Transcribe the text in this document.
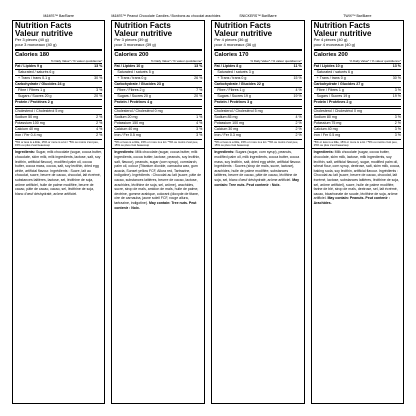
M&M'S™ Bar/Barre
Nutrition Facts
Valeur nutritive
Per 3 pieces (40 g)
pour 3 morceaux (40 g)
Calories 180
% Daily Value* / % valeur quotidienne*
Fat / Lipides 9 g	13 %
Saturated / saturés 6 g
+ Trans / trans 0.1 g	30 %
Carbohydrate / Glucides 24 g
Fibre / Fibres 1 g	3 %
Sugars / Sucres 20 g	20 %
Protein / Protéines 2 g
Cholesterol / Cholestérol 5 mg
Sodium 50 mg	2 %
Potassium 100 mg	2 %
Calcium 40 mg	4 %
Iron / Fer 0.4 mg	2 %
*5% or less is a little, 15% or more is a lot / *5% ou moins c'est peu, 15% ou plus c'est beaucoup
Ingredients: Sugar, milk chocolate (sugar, cocoa butter, chocolate, skim milk, milk ingredients, lactose, salt, soy lecithin, artificial flavour), modified palm oil, cocoa butter, cocoa mass, cocoa, salt, soy lecithin, dried egg white, artificial flavour. Ingrédients : Sucre, lait au chocolat, sucre, beurre de cacao, chocolat, lait écrémé, substances laitières, lactose, sel, lécithine de soja, arôme artificiel, huile de palme modifiée, beurre de cacao, pâte de cacao, cacao, sel, lécithine de soja, blanc d'œuf déshydraté, arôme artificiel.
M&M'S™ Peanut Chocolate Candies / Bonbons au chocolat arachides
Nutrition Facts
Valeur nutritive
Per 3 pieces (39 g)
pour 3 morceaux (39 g)
Calories 200
% Daily Value* / % valeur quotidienne*
Fat / Lipides 10 g	13 %
Saturated / saturés 5 g
+ Trans / trans 0 g	26 %
Carbohydrate / Glucides 23 g
Fibre / Fibres 2 g	7 %
Sugars / Sucres 20 g	20 %
Protein / Protéines 4 g
Cholesterol / Cholestérol 0 mg
Sodium 20 mg	1 %
Potassium 150 mg	4 %
Calcium 40 mg	3 %
Iron / Fer 0.5 mg	3 %
*5% or less is a little, 15% or more is a lot / *5% ou moins c'est peu, 15% ou plus c'est beaucoup
Ingredients: Milk chocolate (sugar, cocoa butter, milk ingredients, cocoa butter, lactose, peanuts, soy lecithin, salt, flavour), peanuts, sugar (corn syrup), cornstarch, palm oil, colour (Titanium dioxide, carnauba wax, gum acacia, Sunset yellow FCF, Allura red, Tartrazine, indigotine). Ingrédients : Chocolat au lait (sucre, pâte de cacao, substances laitières, beurre de cacao, lactose, arachides, lécithine de soja, sel, arôme), arachides, sucre, sirop de maïs, amidon de maïs, huile de palme, dextrine, gomme arabique, colorant (dioxyde de titane, cire de carnauba, jaune soleil FCF, rouge allura, tartrazine, indigotine). May contain: Tree nuts. Peut contenir : Noix.
SNICKERS™ Bar/Barre
Nutrition Facts
Valeur nutritive
Per 4 pieces (36 g)
pour 4 morceaux (36 g)
Calories 170
% Daily Value* / % valeur quotidienne*
Fat / Lipides 8 g	11 %
Saturated / saturés 3 g
+ Trans / trans 0 g	15 %
Carbohydrate / Glucides 22 g
Fibre / Fibres 1 g	4 %
Sugars / Sucres 19 g	19 %
Protein / Protéines 3 g
Cholesterol / Cholestérol 5 mg
Sodium 85 mg	4 %
Potassium 100 mg	2 %
Calcium 30 mg	2 %
Iron / Fer 0.3 mg	2 %
*5% or less is a little, 15% or more is a lot / *5% ou moins c'est peu, 15% ou plus c'est beaucoup
Ingredients: Sugars (sugar, corn syrup), peanuts, modified palm oil, milk ingredients, cocoa butter, cocoa mass, soy lecithin, salt, dried egg white, artificial flavour. Ingrédients : Sucres (sirop de maïs, sucre, lactose), arachides, huile de palme modifiée, substances laitières, beurre de cacao, pâte de cacao, lécithine de soja, sel, blanc d'œuf déshydraté, arôme artificiel. May contain: Tree nuts. Peut contenir : Noix.
TWIX™ Bar/Barre
Nutrition Facts
Valeur nutritive
Per 4 pieces (40 g)
pour 4 morceaux (40 g)
Calories 200
% Daily Value* / % valeur quotidienne*
Fat / Lipides 10 g	13 %
Saturated / saturés 6 g
+ Trans / trans 0 g	30 %
Carbohydrate / Glucides 27 g
Fibre / Fibres 1 g	3 %
Sugars / Sucres 19 g	19 %
Protein / Protéines 2 g
Cholesterol / Cholestérol 0 mg
Sodium 80 mg	3 %
Potassium 75 mg	2 %
Calcium 40 mg	3 %
Iron / Fer 0.5 mg	3 %
*5% or less is a little, 15% or more is a lot / *5% ou moins c'est peu, 15% ou plus c'est beaucoup
Ingredients: Milk chocolate (sugar, cocoa butter, chocolate, skim milk, lactose, milk ingredients, soy lecithin, salt, artificial flavour), sugar, modified palm oil, wheat flour, corn syrup, dextrose, salt, skim milk, cocoa, baking soda, soy lecithin, artificial flavour. Ingrédients : Chocolat au lait (sucre, beurre de cacao, chocolat, lait écrémé, lactose, substances laitières, lécithine de soja, sel, arôme artificiel), sucre, huile de palme modifiée, farine de blé, sirop de maïs, dextrose, sel, lait écrémé, cacao, bicarbonate de soude, lécithine de soja, arôme artificiel. May contain: Peanuts. Peut contenir : Arachides.
